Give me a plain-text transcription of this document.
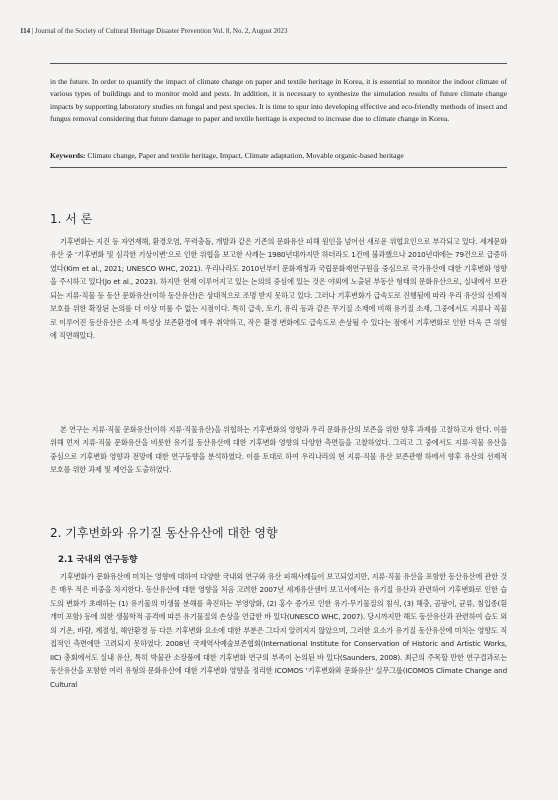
114 | Journal of the Society of Cultural Heritage Disaster Prevention Vol. 8, No. 2, August 2023

in the future. In order to quantify the impact of climate change on paper and textile heritage in Korea, it is essential to monitor the indoor climate of various types of buildings and to monitor mold and pests. In addition, it is necessary to synthesize the simulation results of future climate change impacts by supporting laboratory studies on fungal and pest species. It is time to spur into developing effective and eco-friendly methods of insect and fungus removal considering that future damage to paper and textile heritage is expected to increase due to climate change in Korea.

Keywords: Climate change, Paper and textile heritage, Impact, Climate adaptation, Movable organic-based heritage

1. 서 론

기후변화는 지진 등 자연재해, 환경오염, 무력충돌, 개발과 같은 기존의 문화유산 피해 원인을 넘어선 새로운 위협요인으로 부각되고 있다. 세계문화유산 중 ‘기후변화 및 심각한 기상이변’으로 인한 위협을 보고한 사례는 1980년대까지만 하더라도 1건에 불과했으나 2010년대에는 79건으로 급증하였다(Kim et al., 2021; UNESCO WHC, 2021). 우리나라도 2010년부터 문화재청과 국립문화재연구원을 중심으로 국가유산에 대한 기후변화 영향을 주시하고 있다(Jo et al., 2023). 하지만 현재 이루어지고 있는 논의의 중심에 있는 것은 야외에 노출된 부동산 형태의 문화유산으로, 실내에서 보관되는 지류·직물 등 동산 문화유산(이하 동산유산)은 상대적으로 조명 받지 못하고 있다. 그러나 기후변화가 급속도로 진행됨에 따라 우리 유산의 선제적 보호를 위한 확장된 논의를 더 이상 미룰 수 없는 시점이다. 특히 급속, 토기, 유리 등과 같은 무기질 소재에 비해 유기질 소재, 그중에서도 지류나 직물로 이루어진 동산유산은 소재 특성상 보존환경에 매우 취약하고, 작은 환경 변화에도 급속도로 손상될 수 있다는 점에서 기후변화로 인한 더욱 큰 위험에 직면해있다.

본 연구는 지류·직물 문화유산(이하 지류·직물유산)을 위협하는 기후변화의 영향과 우리 문화유산의 보존을 위한 향후 과제를 고찰하고자 한다. 이를 위해 먼저 지류·직물 문화유산을 비롯한 유기질 동산유산에 대한 기후변화 영향의 다양한 측면들을 고찰하였다. 그리고 그 중에서도 지류·직물 유산을 중심으로 기후변화 영향과 전망에 대한 연구동향을 분석하였다. 이를 토대로 하여 우리나라의 현 지류·직물 유산 보존관행 하에서 향후 유산의 선제적 보호를 위한 과제 및 제언을 도출하였다.

2. 기후변화와 유기질 동산유산에 대한 영향
2.1 국내외 연구동향

기후변화가 문화유산에 미치는 영향에 대하여 다양한 국내외 연구와 유산 피해사례들이 보고되었지만, 지류·직물 유산을 포함한 동산유산에 관한 것은 매우 적은 비중을 차지한다. 동산유산에 대한 영향을 처음 고려한 2007년 세계유산센터 보고서에서는 유기질 유산과 관련하여 기후변화로 인한 습도의 변화가 초래하는 (1) 유기물의 미생물 분해를 촉진하는 부영양화, (2) 홍수 증가로 인한 유기·무기물질의 침식, (3) 해충, 곰팡이, 균류, 침입종(흰개미 포함) 등에 의한 생물학적 공격에 따른 유기물질의 손상을 언급한 바 있다(UNESCO WHC, 2007). 당시까지만 해도 동산유산과 관련하여 습도 외의 기온, 바람, 계절성, 해안환경 등 다른 기후변화 요소에 대한 부분은 그다지 알려지지 않았으며, 그러한 요소가 유기질 동산유산에 미치는 영향도 직접적인 측면에만 고려되지 못하였다. 2008년 국제역사예술보존협회(International Institute for Conservation of Historic and Artistic Works, IIC) 총회에서도 실내 유산, 특히 박물관 소장품에 대한 기후변화 연구의 부족이 논의된 바 있다(Saunders, 2008). 최근의 주목할 만한 연구결과로는 동산유산을 포함한 여러 유형의 문화유산에 대한 기후변화 영향을 정리한 ICOMOS ‘기후변화와 문화유산’ 실무그룹(ICOMOS Climate Change and Cultural
